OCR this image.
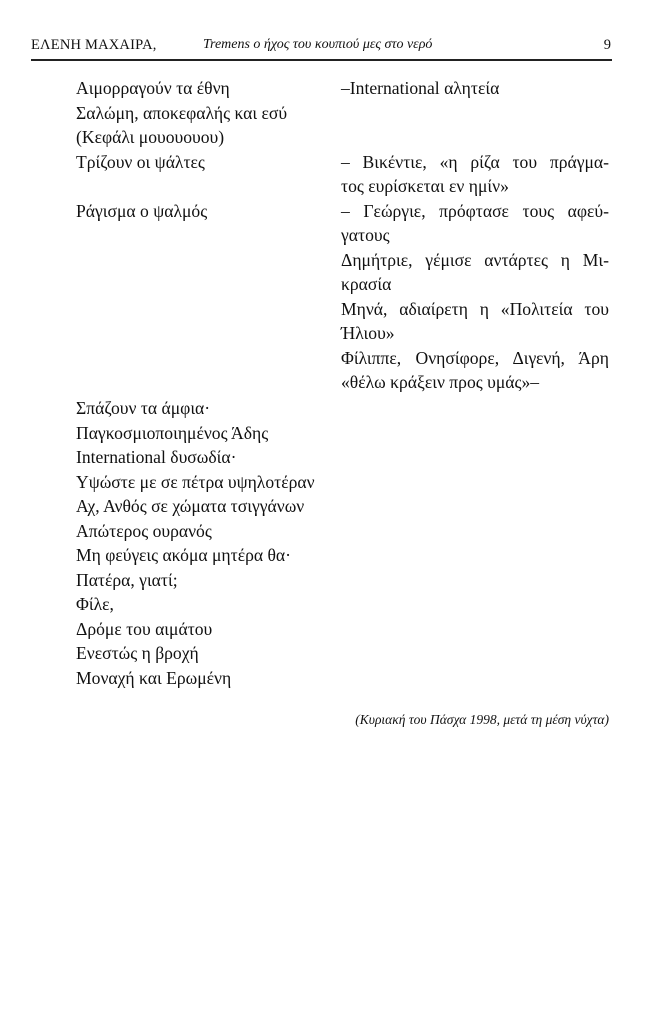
ΕΛΕΝΗ ΜΑΧΑΙΡΑ,	Tremens ο ήχος του κουπιού μες στο νερό	9
Αιμορραγούν τα έθνη
Σαλώμη, αποκεφαλής και εσύ
(Κεφάλι μουουουου)
Τρίζουν οι ψάλτες
Ράγισμα ο ψαλμός
–International αλητεία
– Βικέντιε, «η ρίζα του πράγμα-
τος ευρίσκεται εν ημίν»
– Γεώργιε, πρόφτασε τους αφεύ-
γατους
Δημήτριε, γέμισε αντάρτες η Μι-
κρασία
Μηνά, αδιαίρετη η «Πολιτεία του
Ήλιου»
Φίλιππε, Ονησίφορε, Διγενή, Άρη
«θέλω κράξειν προς υμάς»–
Σπάζουν τα άμφια·
Παγκοσμιοποιημένος Άδης
International δυσωδία·
Υψώστε με σε πέτρα υψηλοτέραν
Αχ, Ανθός σε χώματα τσιγγάνων
Απώτερος ουρανός
Μη φεύγεις ακόμα μητέρα θα·
Πατέρα, γιατί;
Φίλε,
Δρόμε του αιμάτου
Ενεστώς η βροχή
Μοναχή και Ερωμένη
(Κυριακή του Πάσχα 1998, μετά τη μέση νύχτα)
